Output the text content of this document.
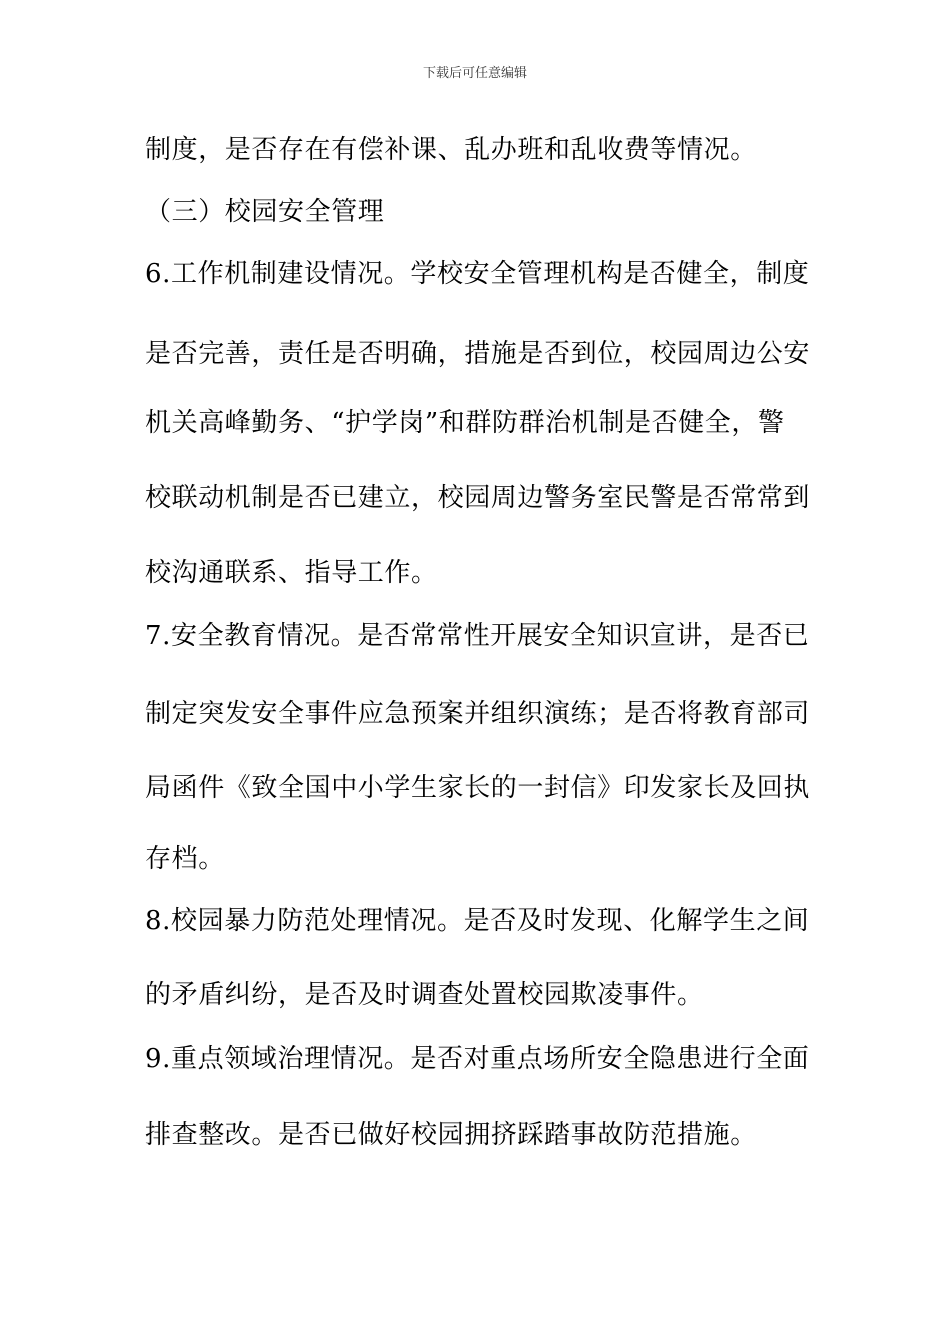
下载后可任意编辑
制度，是否存在有偿补课、乱办班和乱收费等情况。
（三）校园安全管理
6.工作机制建设情况。学校安全管理机构是否健全，制度
是否完善，责任是否明确，措施是否到位，校园周边公安
机关高峰勤务、“护学岗”和群防群治机制是否健全，警
校联动机制是否已建立，校园周边警务室民警是否常常到
校沟通联系、指导工作。
7.安全教育情况。是否常常性开展安全知识宣讲，是否已
制定突发安全事件应急预案并组织演练；是否将教育部司
局函件《致全国中小学生家长的一封信》印发家长及回执
存档。
8.校园暴力防范处理情况。是否及时发现、化解学生之间
的矛盾纠纷，是否及时调查处置校园欺凌事件。
9.重点领域治理情况。是否对重点场所安全隐患进行全面
排查整改。是否已做好校园拥挤踩踏事故防范措施。
